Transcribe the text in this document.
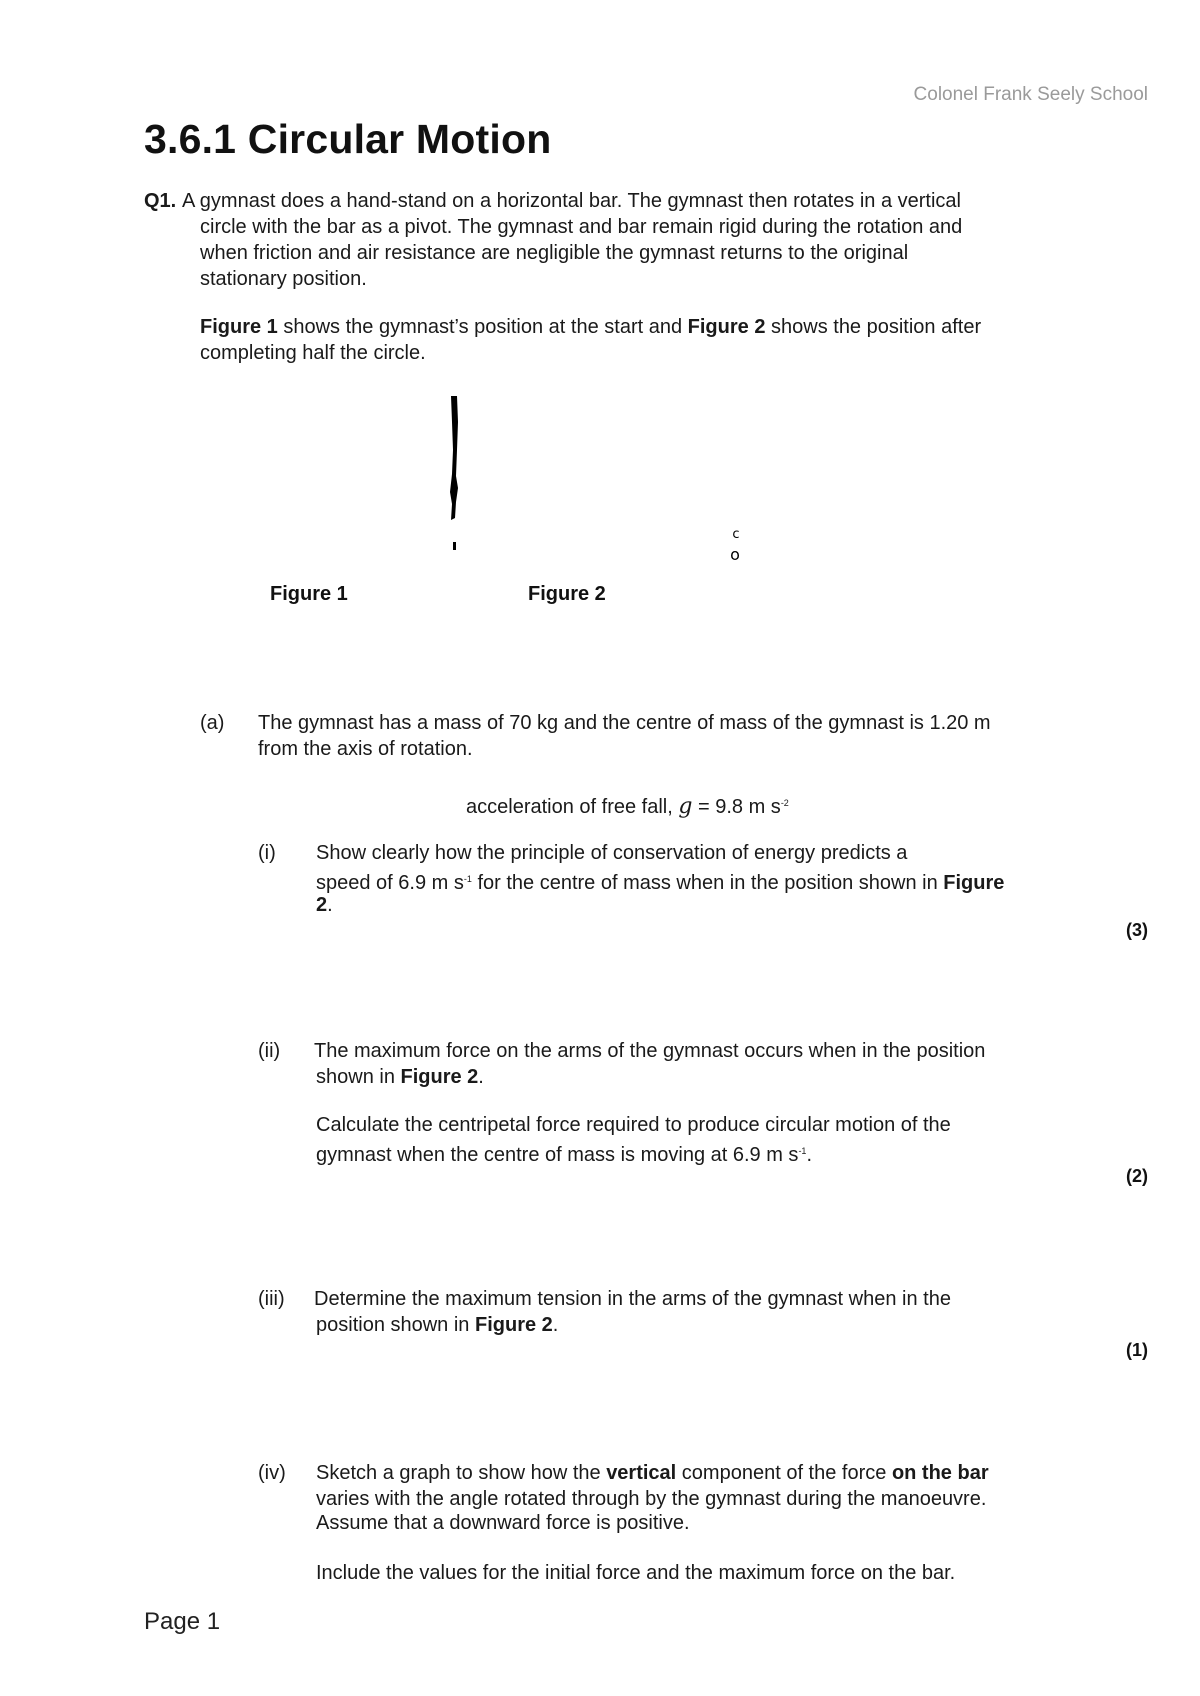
Colonel Frank Seely School
3.6.1 Circular Motion
Q1. A gymnast does a hand-stand on a horizontal bar. The gymnast then rotates in a vertical
circle with the bar as a pivot. The gymnast and bar remain rigid during the rotation and
when friction and air resistance are negligible the gymnast returns to the original
stationary position.
Figure 1 shows the gymnast’s position at the start and Figure 2 shows the position after
completing half the circle.
c
o
Figure 1	Figure 2
(a) The gymnast has a mass of 70 kg and the centre of mass of the gymnast is 1.20 m
from the axis of rotation.
acceleration of free fall, g = 9.8 m $s^{-2}$
(i) Show clearly how the principle of conservation of energy predicts a
speed of 6.9 m $s^{-1}$ for the centre of mass when in the position shown in Figure
2.
(3)
(ii) The maximum force on the arms of the gymnast occurs when in the position
shown in Figure 2.
Calculate the centripetal force required to produce circular motion of the
gymnast when the centre of mass is moving at 6.9 m $s^{-1}$.
(2)
(iii) Determine the maximum tension in the arms of the gymnast when in the
position shown in Figure 2.
(1)
(iv) Sketch a graph to show how the vertical component of the force on the bar
varies with the angle rotated through by the gymnast during the manoeuvre.
Assume that a downward force is positive.
Include the values for the initial force and the maximum force on the bar.
Page 1
